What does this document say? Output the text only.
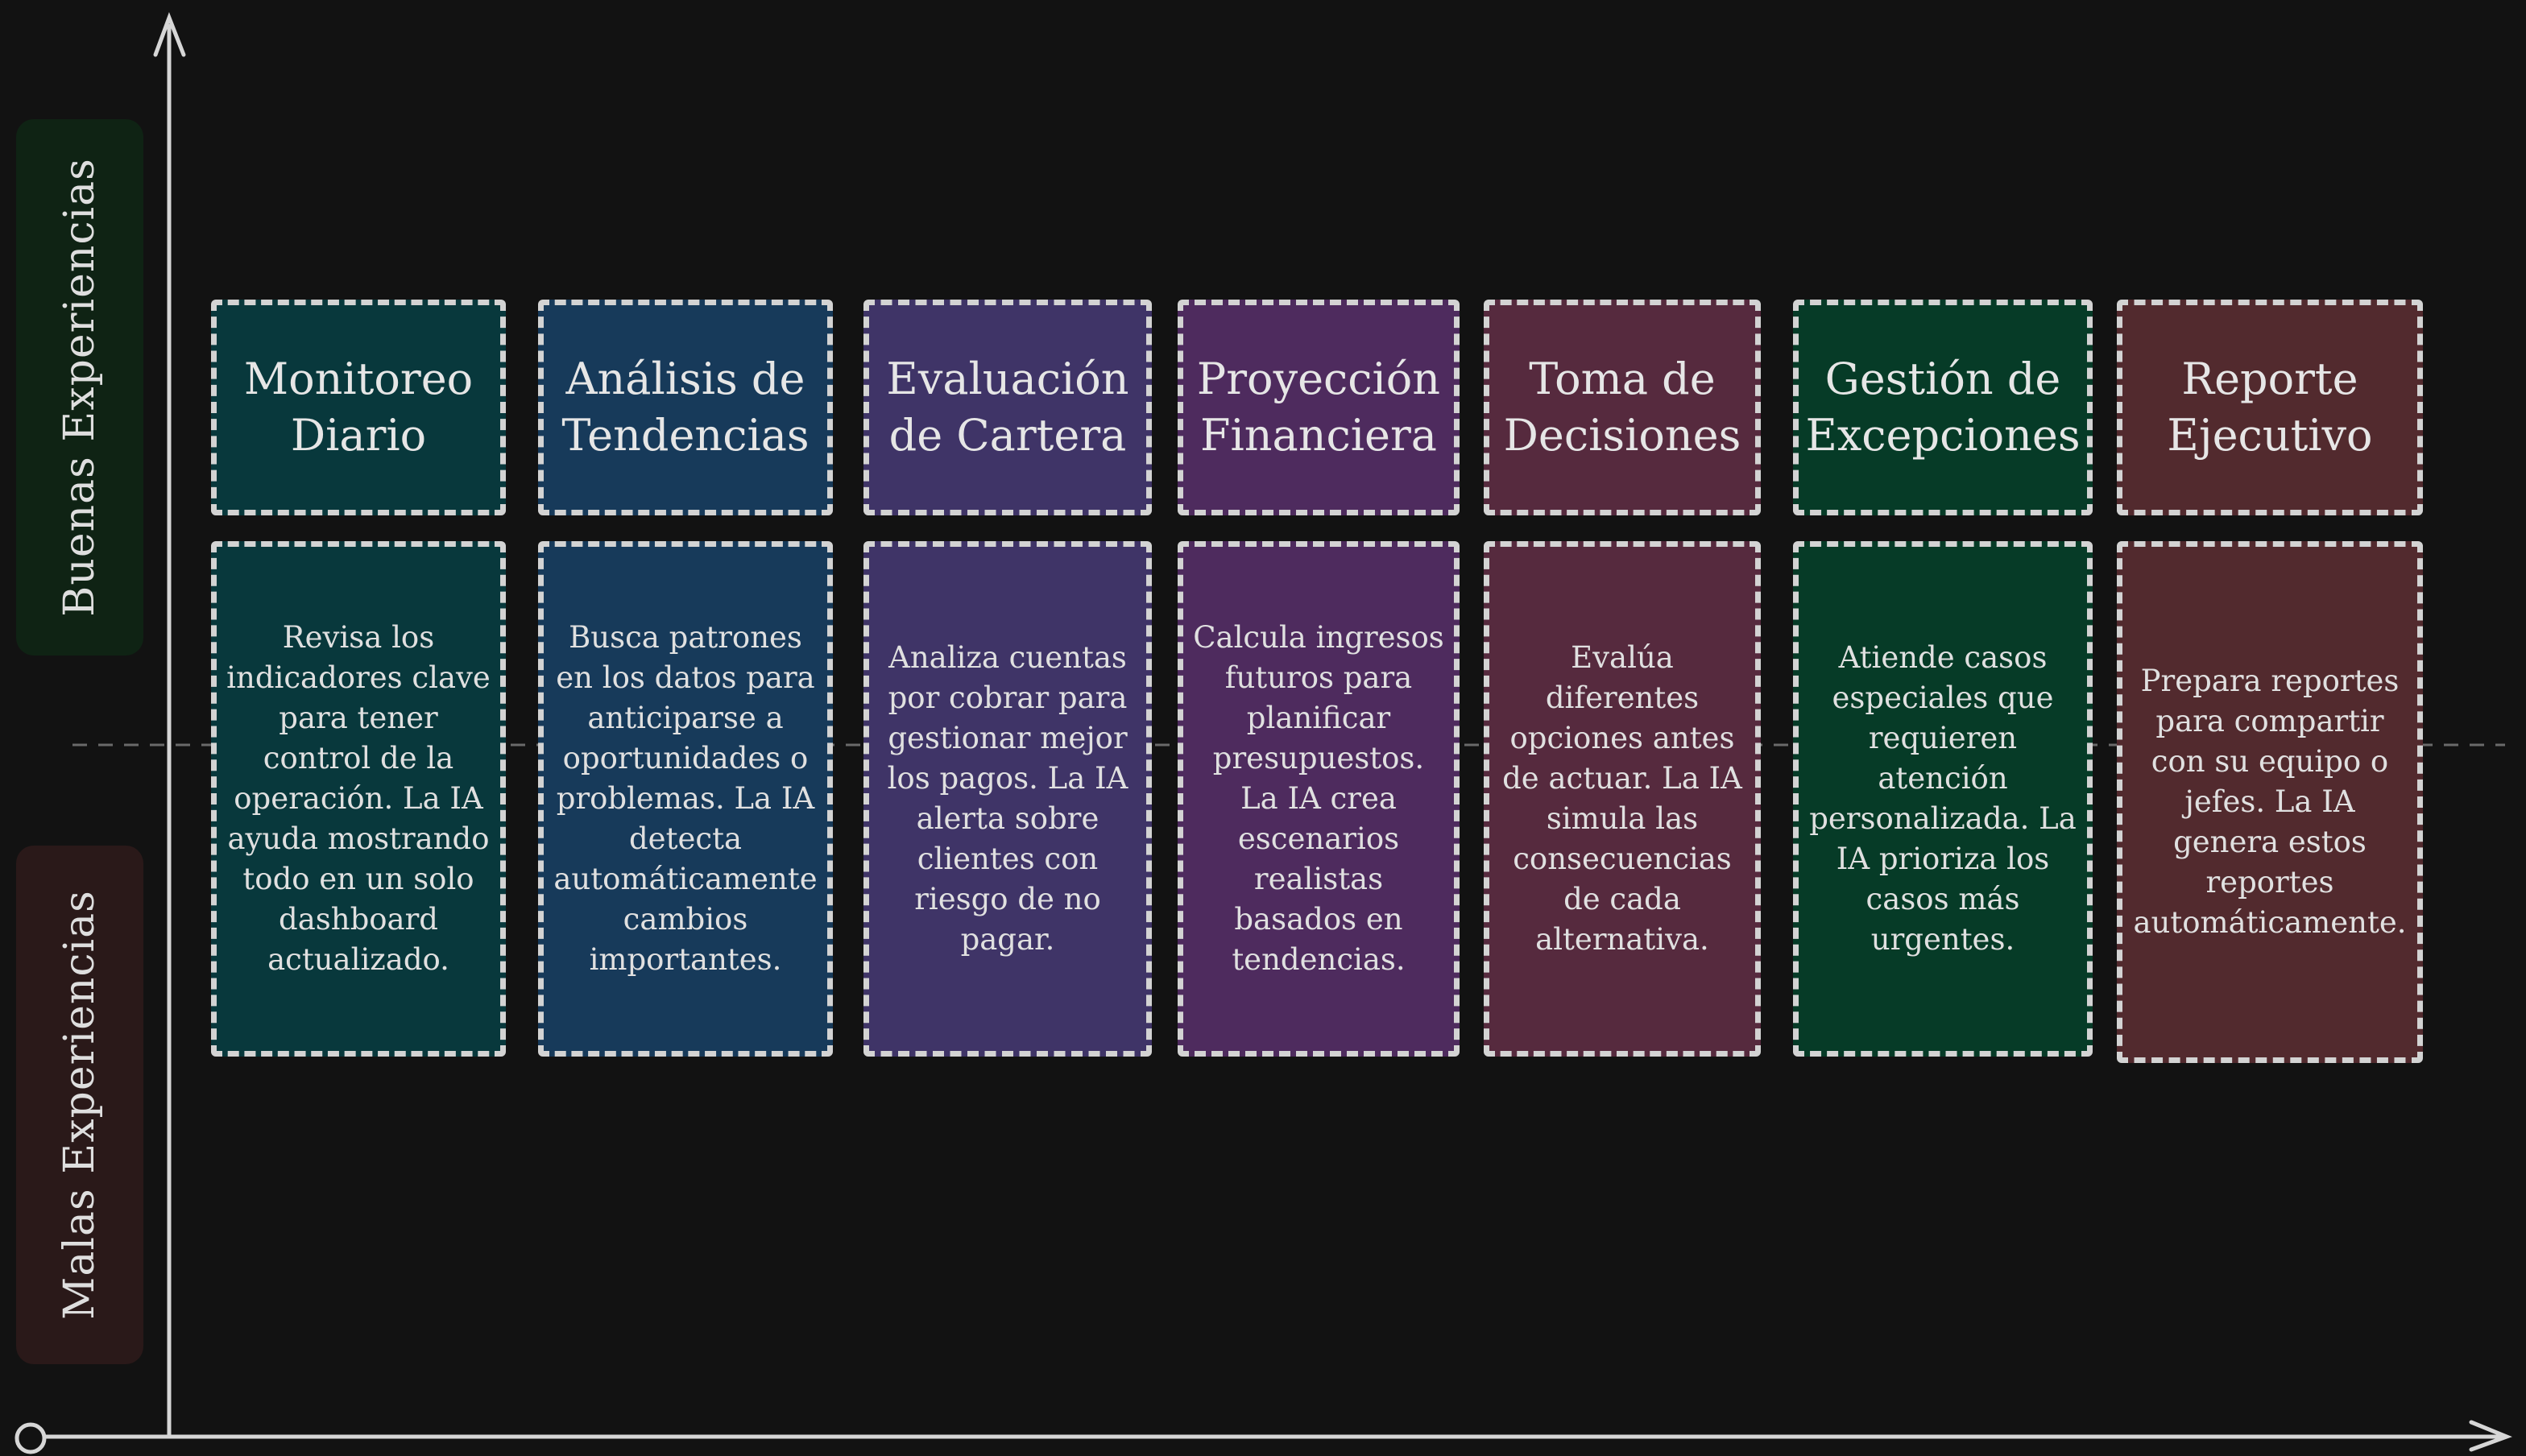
Buenas Experiencias
Malas Experiencias
Monitoreo
Diario
Revisa los indicadores clave para tener control de la operación. La IA ayuda mostrando todo en un solo dashboard actualizado.
Análisis de
Tendencias
Busca patrones en los datos para anticiparse a oportunidades o problemas. La IA detecta automáticamente cambios importantes.
Evaluación
de Cartera
Analiza cuentas por cobrar para gestionar mejor los pagos. La IA alerta sobre clientes con riesgo de no pagar.
Proyección
Financiera
Calcula ingresos futuros para planificar presupuestos. La IA crea escenarios realistas basados en tendencias.
Toma de
Decisiones
Evalúa diferentes opciones antes de actuar. La IA simula las consecuencias de cada alternativa.
Gestión de
Excepciones
Atiende casos especiales que requieren atención personalizada. La IA prioriza los casos más urgentes.
Reporte
Ejecutivo
Prepara reportes para compartir con su equipo o jefes. La IA genera estos reportes automáticamente.
